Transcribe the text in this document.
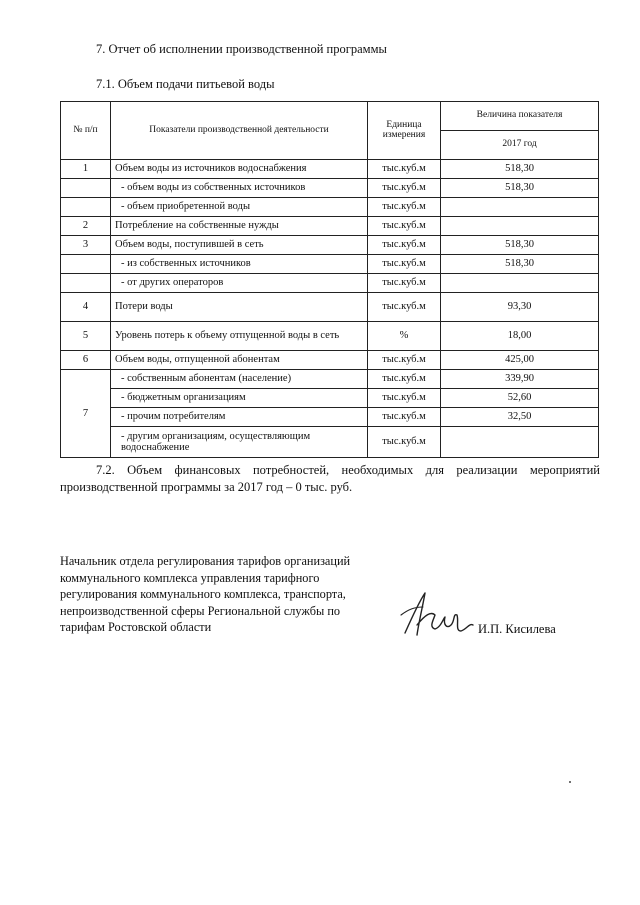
7. Отчет об исполнении производственной программы
7.1. Объем подачи питьевой воды
№ п/п	Показатели производственной деятельности	Единица измерения	Величина показателя
			2017 год
1	Объем воды из источников водоснабжения	тыс.куб.м	518,30
	- объем воды из собственных источников	тыс.куб.м	518,30
	- объем приобретенной воды	тыс.куб.м	
2	Потребление на собственные нужды	тыс.куб.м	
3	Объем воды, поступившей в сеть	тыс.куб.м	518,30
	- из собственных источников	тыс.куб.м	518,30
	- от других операторов	тыс.куб.м	
4	Потери воды	тыс.куб.м	93,30
5	Уровень потерь к объему отпущенной воды в сеть	%	18,00
6	Объем воды, отпущенной абонентам	тыс.куб.м	425,00
7	- собственным абонентам (население)	тыс.куб.м	339,90
	- бюджетным организациям	тыс.куб.м	52,60
	- прочим потребителям	тыс.куб.м	32,50
	- другим организациям, осуществляющим водоснабжение	тыс.куб.м	
7.2. Объем финансовых потребностей, необходимых для реализации мероприятий производственной программы за 2017 год – 0 тыс. руб.
Начальник отдела регулирования тарифов организаций
коммунального комплекса управления тарифного
регулирования коммунального комплекса, транспорта,
непроизводственной сферы Региональной службы по
тарифам Ростовской области	И.П. Кисилева
